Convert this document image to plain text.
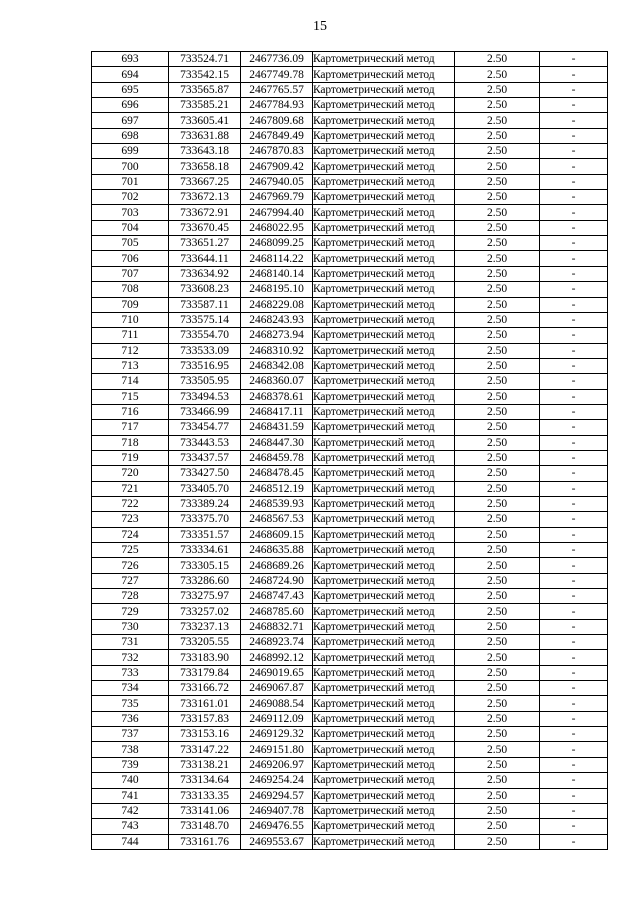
15
693	733524.71	2467736.09	Картометрический метод	2.50	-
694	733542.15	2467749.78	Картометрический метод	2.50	-
695	733565.87	2467765.57	Картометрический метод	2.50	-
696	733585.21	2467784.93	Картометрический метод	2.50	-
697	733605.41	2467809.68	Картометрический метод	2.50	-
698	733631.88	2467849.49	Картометрический метод	2.50	-
699	733643.18	2467870.83	Картометрический метод	2.50	-
700	733658.18	2467909.42	Картометрический метод	2.50	-
701	733667.25	2467940.05	Картометрический метод	2.50	-
702	733672.13	2467969.79	Картометрический метод	2.50	-
703	733672.91	2467994.40	Картометрический метод	2.50	-
704	733670.45	2468022.95	Картометрический метод	2.50	-
705	733651.27	2468099.25	Картометрический метод	2.50	-
706	733644.11	2468114.22	Картометрический метод	2.50	-
707	733634.92	2468140.14	Картометрический метод	2.50	-
708	733608.23	2468195.10	Картометрический метод	2.50	-
709	733587.11	2468229.08	Картометрический метод	2.50	-
710	733575.14	2468243.93	Картометрический метод	2.50	-
711	733554.70	2468273.94	Картометрический метод	2.50	-
712	733533.09	2468310.92	Картометрический метод	2.50	-
713	733516.95	2468342.08	Картометрический метод	2.50	-
714	733505.95	2468360.07	Картометрический метод	2.50	-
715	733494.53	2468378.61	Картометрический метод	2.50	-
716	733466.99	2468417.11	Картометрический метод	2.50	-
717	733454.77	2468431.59	Картометрический метод	2.50	-
718	733443.53	2468447.30	Картометрический метод	2.50	-
719	733437.57	2468459.78	Картометрический метод	2.50	-
720	733427.50	2468478.45	Картометрический метод	2.50	-
721	733405.70	2468512.19	Картометрический метод	2.50	-
722	733389.24	2468539.93	Картометрический метод	2.50	-
723	733375.70	2468567.53	Картометрический метод	2.50	-
724	733351.57	2468609.15	Картометрический метод	2.50	-
725	733334.61	2468635.88	Картометрический метод	2.50	-
726	733305.15	2468689.26	Картометрический метод	2.50	-
727	733286.60	2468724.90	Картометрический метод	2.50	-
728	733275.97	2468747.43	Картометрический метод	2.50	-
729	733257.02	2468785.60	Картометрический метод	2.50	-
730	733237.13	2468832.71	Картометрический метод	2.50	-
731	733205.55	2468923.74	Картометрический метод	2.50	-
732	733183.90	2468992.12	Картометрический метод	2.50	-
733	733179.84	2469019.65	Картометрический метод	2.50	-
734	733166.72	2469067.87	Картометрический метод	2.50	-
735	733161.01	2469088.54	Картометрический метод	2.50	-
736	733157.83	2469112.09	Картометрический метод	2.50	-
737	733153.16	2469129.32	Картометрический метод	2.50	-
738	733147.22	2469151.80	Картометрический метод	2.50	-
739	733138.21	2469206.97	Картометрический метод	2.50	-
740	733134.64	2469254.24	Картометрический метод	2.50	-
741	733133.35	2469294.57	Картометрический метод	2.50	-
742	733141.06	2469407.78	Картометрический метод	2.50	-
743	733148.70	2469476.55	Картометрический метод	2.50	-
744	733161.76	2469553.67	Картометрический метод	2.50	-
